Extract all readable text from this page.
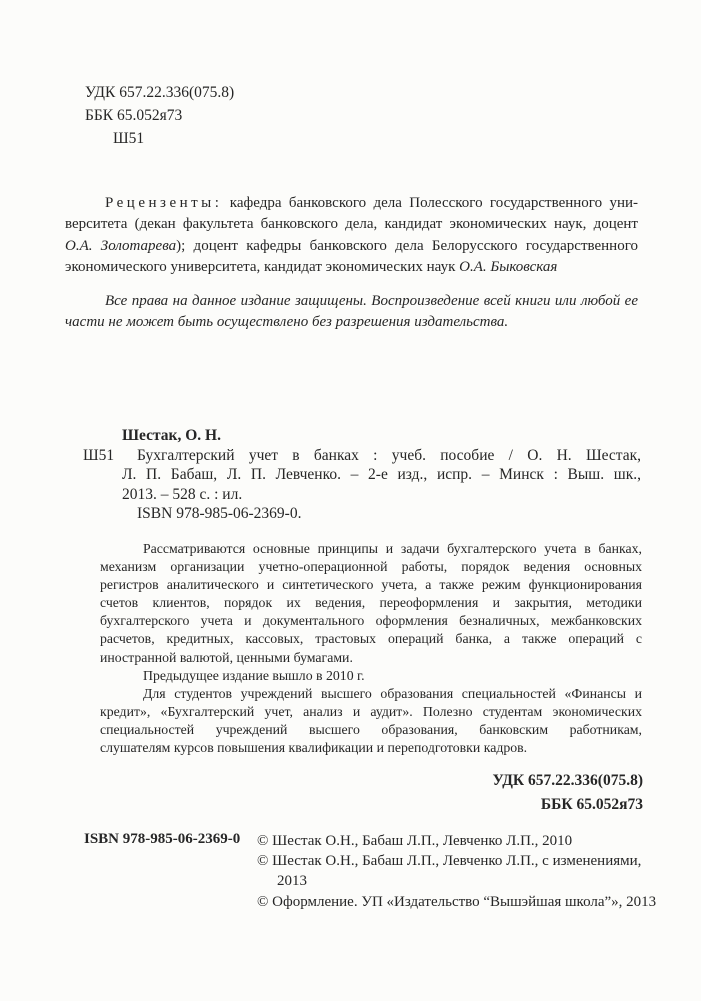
УДК 657.22.336(075.8)
ББК 65.052я73
Ш51
Рецензенты: кафедра банковского дела Полесского государственного уни-
верситета (декан факультета банковского дела, кандидат экономических наук, доцент
О.А. Золотарева); доцент кафедры банковского дела Белорусского государственного
экономического университета, кандидат экономических наук О.А. Быковская
Все права на данное издание защищены. Воспроизведение всей книги или любой ее
части не может быть осуществлено без разрешения издательства.
Шестак, О. Н.
Ш51	Бухгалтерский учет в банках : учеб. пособие / О. Н. Шестак,
Л. П. Бабаш, Л. П. Левченко. – 2-е изд., испр. – Минск : Выш. шк.,
2013. – 528 с. : ил.
ISBN 978-985-06-2369-0.
Рассматриваются основные принципы и задачи бухгалтерского учета в банках,
механизм организации учетно-операционной работы, порядок ведения основных
регистров аналитического и синтетического учета, а также режим функционирования
счетов клиентов, порядок их ведения, переоформления и закрытия, методики
бухгалтерского учета и документального оформления безналичных, межбанковских
расчетов, кредитных, кассовых, трастовых операций банка, а также операций с
иностранной валютой, ценными бумагами.
Предыдущее издание вышло в 2010 г.
Для студентов учреждений высшего образования специальностей «Финансы и
кредит», «Бухгалтерский учет, анализ и аудит». Полезно студентам экономических
специальностей учреждений высшего образования, банковским работникам,
слушателям курсов повышения квалификации и переподготовки кадров.
УДК 657.22.336(075.8)
ББК 65.052я73
ISBN 978-985-06-2369-0 © Шестак О.Н., Бабаш Л.П., Левченко Л.П., 2010
© Шестак О.Н., Бабаш Л.П., Левченко Л.П., с изменениями,
2013
© Оформление. УП «Издательство “Вышэйшая школа”», 2013
